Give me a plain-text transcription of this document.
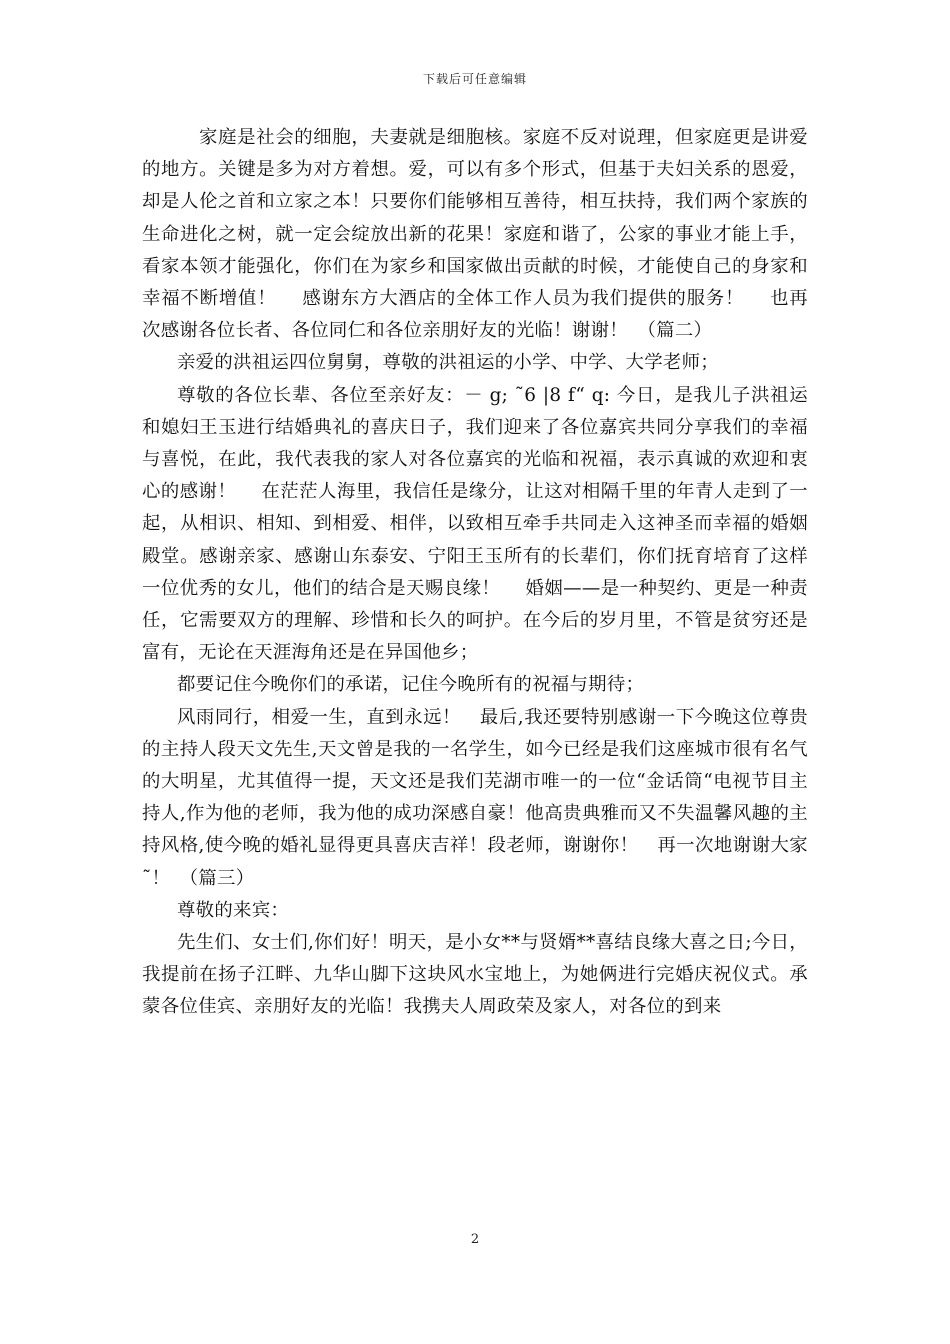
下载后可任意编辑

家庭是社会的细胞，夫妻就是细胞核。家庭不反对说理，但家庭更是讲爱的地方。关键是多为对方着想。爱，可以有多个形式，但基于夫妇关系的恩爱，却是人伦之首和立家之本！只要你们能够相互善待，相互扶持，我们两个家族的生命进化之树，就一定会绽放出新的花果！家庭和谐了，公家的事业才能上手，看家本领才能强化，你们在为家乡和国家做出贡献的时候，才能使自己的身家和幸福不断增值！　 感谢东方大酒店的全体工作人员为我们提供的服务！　 也再次感谢各位长者、各位同仁和各位亲朋好友的光临！谢谢！　（篇二）

亲爱的洪祖运四位舅舅，尊敬的洪祖运的小学、中学、大学老师；

尊敬的各位长辈、各位至亲好友：－ g; ˜6 |8 f“ q: 今日，是我儿子洪祖运和媳妇王玉进行结婚典礼的喜庆日子，我们迎来了各位嘉宾共同分享我们的幸福与喜悦，在此，我代表我的家人对各位嘉宾的光临和祝福，表示真诚的欢迎和衷心的感谢！　 在茫茫人海里，我信任是缘分，让这对相隔千里的年青人走到了一起，从相识、相知、到相爱、相伴，以致相互牵手共同走入这神圣而幸福的婚姻殿堂。感谢亲家、感谢山东泰安、宁阳王玉所有的长辈们，你们抚育培育了这样一位优秀的女儿，他们的结合是天赐良缘！　 婚姻——是一种契约、更是一种责任，它需要双方的理解、珍惜和长久的呵护。在今后的岁月里，不管是贫穷还是富有，无论在天涯海角还是在异国他乡；

都要记住今晚你们的承诺，记住今晚所有的祝福与期待；

风雨同行，相爱一生，直到永远！　最后,我还要特别感谢一下今晚这位尊贵的主持人段天文先生,天文曾是我的一名学生，如今已经是我们这座城市很有名气的大明星，尤其值得一提，天文还是我们芜湖市唯一的一位“金话筒“电视节目主持人,作为他的老师，我为他的成功深感自豪！他高贵典雅而又不失温馨风趣的主持风格,使今晚的婚礼显得更具喜庆吉祥！段老师，谢谢你！　再一次地谢谢大家˜！　（篇三）

尊敬的来宾：

先生们、女士们,你们好！明天，是小女**与贤婿**喜结良缘大喜之日;今日，我提前在扬子江畔、九华山脚下这块风水宝地上，为她俩进行完婚庆祝仪式。承蒙各位佳宾、亲朋好友的光临！我携夫人周政荣及家人，对各位的到来

2
